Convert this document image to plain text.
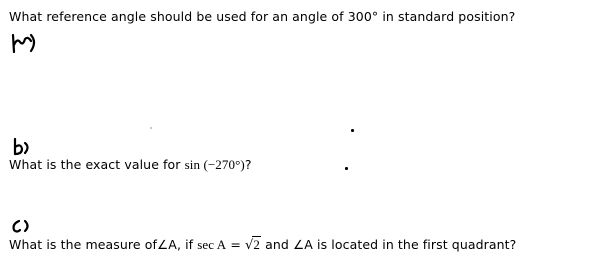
What reference angle should be used for an angle of 300° in standard position?
What is the exact value for sin (−270°)?
What is the measure of∠A, if sec A = √2 and ∠A is located in the first quadrant?
